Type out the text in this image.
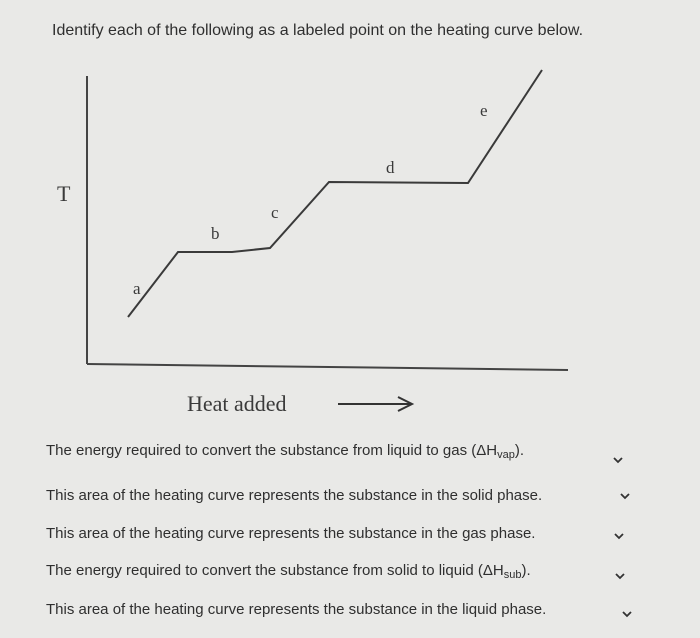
Identify each of the following as a labeled point on the heating curve below.
T
Heat added
a
b
c
d
e
The energy required to convert the substance from liquid to gas $(\Delta H_{vap})$.
This area of the heating curve represents the substance in the solid phase.
This area of the heating curve represents the substance in the gas phase.
The energy required to convert the substance from solid to liquid $(\Delta H_{sub})$.
This area of the heating curve represents the substance in the liquid phase.
